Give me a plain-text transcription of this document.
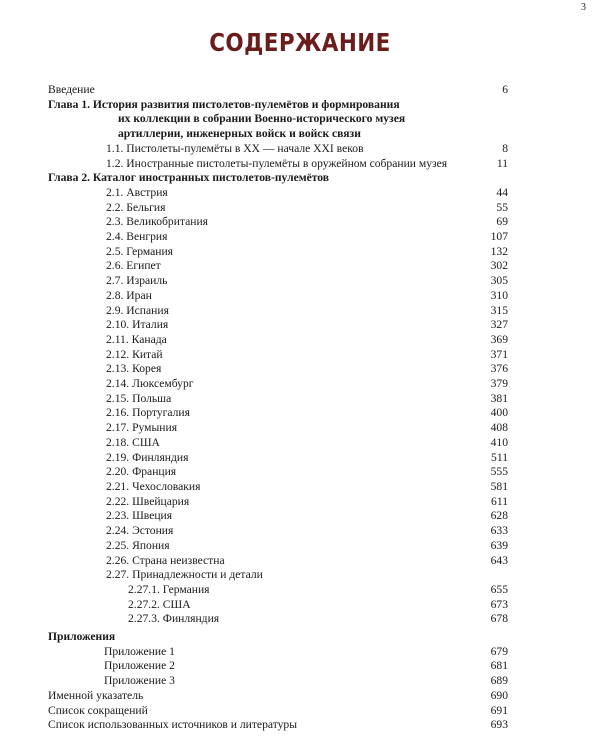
3
СОДЕРЖАНИЕ
Введение	6
Глава 1. История развития пистолетов-пулемётов и формирования
их коллекции в собрании Военно-исторического музея
артиллерии, инженерных войск и войск связи
1.1. Пистолеты-пулемёты в XX — начале XXI веков	8
1.2. Иностранные пистолеты-пулемёты в оружейном собрании музея	11
Глава 2. Каталог иностранных пистолетов-пулемётов
2.1. Австрия	44
2.2. Бельгия	55
2.3. Великобритания	69
2.4. Венгрия	107
2.5. Германия	132
2.6. Египет	302
2.7. Израиль	305
2.8. Иран	310
2.9. Испания	315
2.10. Италия	327
2.11. Канада	369
2.12. Китай	371
2.13. Корея	376
2.14. Люксембург	379
2.15. Польша	381
2.16. Португалия	400
2.17. Румыния	408
2.18. США	410
2.19. Финляндия	511
2.20. Франция	555
2.21. Чехословакия	581
2.22. Швейцария	611
2.23. Швеция	628
2.24. Эстония	633
2.25. Япония	639
2.26. Страна неизвестна	643
2.27. Принадлежности и детали
2.27.1. Германия	655
2.27.2. США	673
2.27.3. Финляндия	678
Приложения
Приложение 1	679
Приложение 2	681
Приложение 3	689
Именной указатель	690
Список сокращений	691
Список использованных источников и литературы	693
